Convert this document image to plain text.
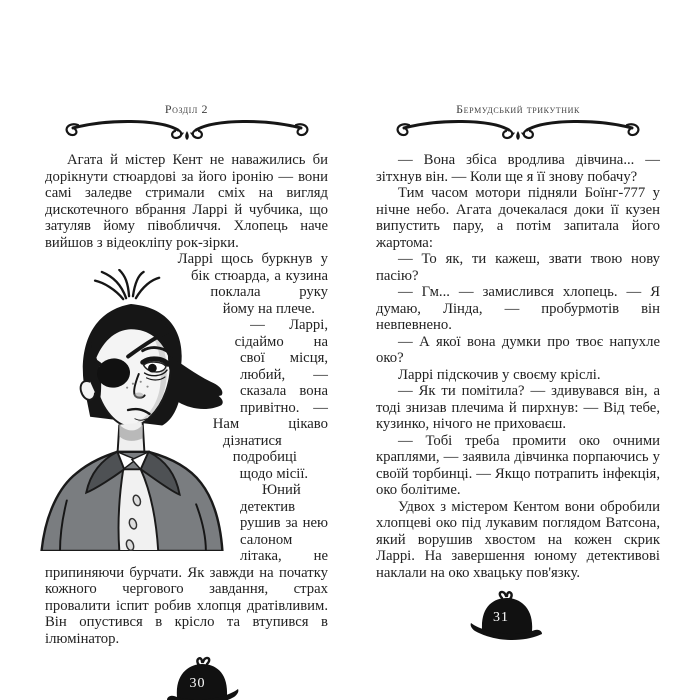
Розділ 2

Агата й містер Кент не наважились би дорікнути стюардові за його іронію — вони самі заледве стримали сміх на вигляд дискотечного вбрання Ларрі й чубчика, що затуляв йому півобличчя. Хлопець наче вийшов з відеокліпу рок-зірки.

Ларрі щось буркнув у бік стюарда, а кузина поклала руку йому на плече.

— Ларрі, сідаймо на свої місця, любий, — сказала вона привітно. — Нам цікаво дізнатися подробиці щодо місії.

Юний детектив рушив за нею салоном літака, не припиняючи бурчати. Як завжди на початку кожного чергового завдання, страх провалити іспит робив хлопця дратівливим. Він опустився в крісло та втупився в ілюмінатор.

30
Бермудський трикутник

— Вона збіса вродлива дівчина... — зітхнув він. — Коли ще я її знову побачу?

Тим часом мотори підняли Боїнг-777 у нічне небо. Агата дочекалася доки її кузен випустить пару, а потім запитала його жартома:

— То як, ти кажеш, звати твою нову пасію?

— Гм... — замислився хлопець. — Я думаю, Лінда, — пробурмотів він невпевнено.

— А якої вона думки про твоє напухле око?

Ларрі підскочив у своєму кріслі.

— Як ти помітила? — здивувався він, а тоді знизав плечима й пирхнув: — Від тебе, кузинко, нічого не приховаєш.

— Тобі треба промити око очними краплями, — заявила дівчинка порпаючись у своїй торбинці. — Якщо потрапить інфекція, око болітиме.

Удвох з містером Кентом вони обробили хлопцеві око під лукавим поглядом Ватсона, який ворушив хвостом на кожен скрик Ларрі. На завершення юному детективові наклали на око хвацьку пов'язку.

31
